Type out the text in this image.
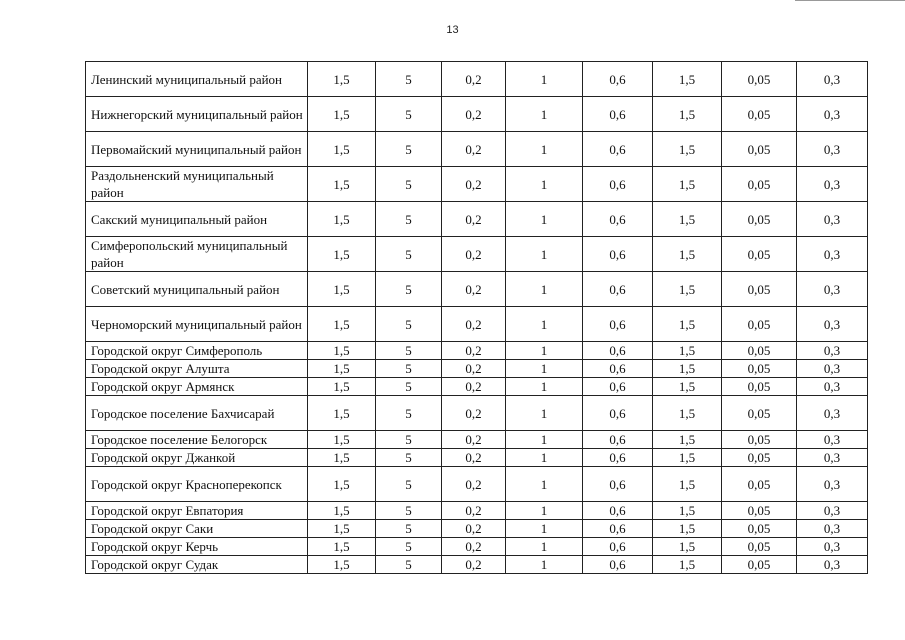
13
Ленинский муниципальный район	1,5	5	0,2	1	0,6	1,5	0,05	0,3
Нижнегорский муниципальный район	1,5	5	0,2	1	0,6	1,5	0,05	0,3
Первомайский муниципальный район	1,5	5	0,2	1	0,6	1,5	0,05	0,3
Раздольненский муниципальный район	1,5	5	0,2	1	0,6	1,5	0,05	0,3
Сакский муниципальный район	1,5	5	0,2	1	0,6	1,5	0,05	0,3
Симферопольский муниципальный район	1,5	5	0,2	1	0,6	1,5	0,05	0,3
Советский муниципальный район	1,5	5	0,2	1	0,6	1,5	0,05	0,3
Черноморский муниципальный район	1,5	5	0,2	1	0,6	1,5	0,05	0,3
Городской округ Симферополь	1,5	5	0,2	1	0,6	1,5	0,05	0,3
Городской округ Алушта	1,5	5	0,2	1	0,6	1,5	0,05	0,3
Городской округ Армянск	1,5	5	0,2	1	0,6	1,5	0,05	0,3
Городское поселение Бахчисарай	1,5	5	0,2	1	0,6	1,5	0,05	0,3
Городское поселение Белогорск	1,5	5	0,2	1	0,6	1,5	0,05	0,3
Городской округ Джанкой	1,5	5	0,2	1	0,6	1,5	0,05	0,3
Городской округ Красноперекопск	1,5	5	0,2	1	0,6	1,5	0,05	0,3
Городской округ Евпатория	1,5	5	0,2	1	0,6	1,5	0,05	0,3
Городской округ Саки	1,5	5	0,2	1	0,6	1,5	0,05	0,3
Городской округ Керчь	1,5	5	0,2	1	0,6	1,5	0,05	0,3
Городской округ Судак	1,5	5	0,2	1	0,6	1,5	0,05	0,3
